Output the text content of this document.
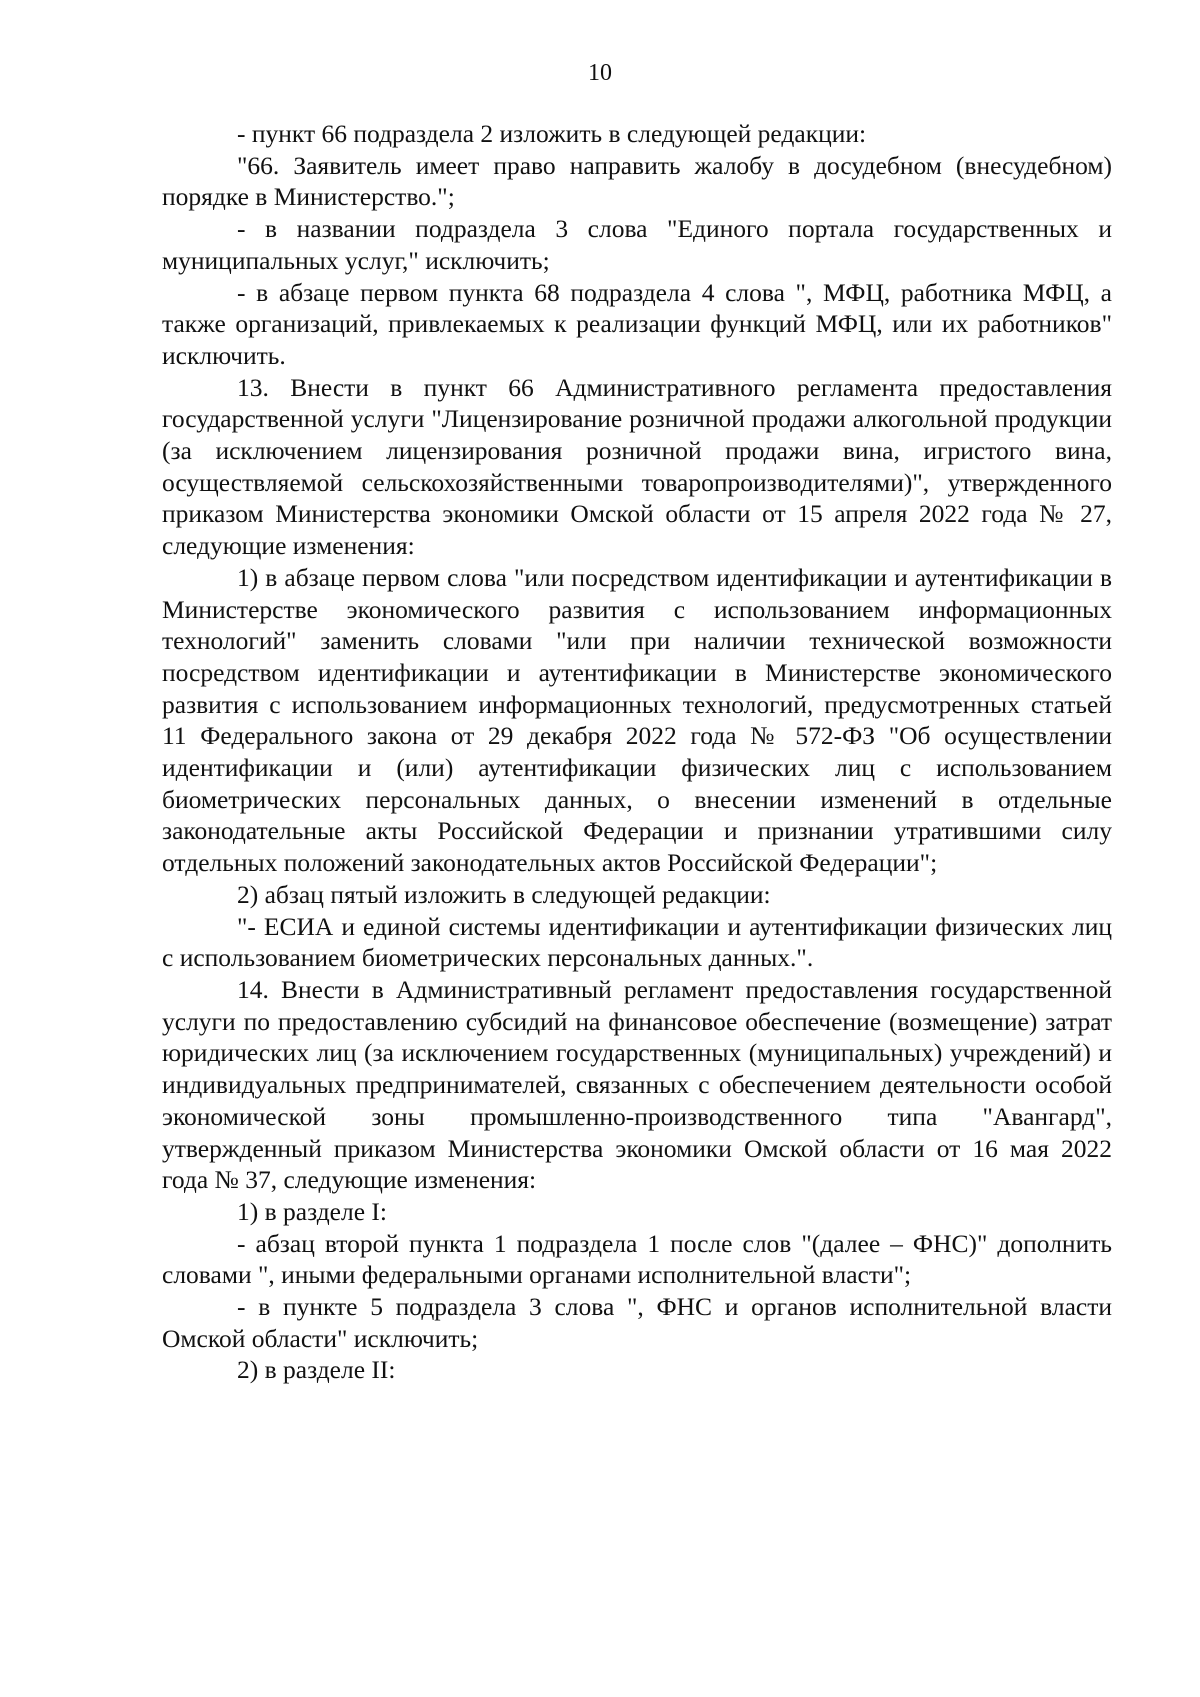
10

- пункт 66 подраздела 2 изложить в следующей редакции:

"66. Заявитель имеет право направить жалобу в досудебном (внесудебном) порядке в Министерство.";

- в названии подраздела 3 слова "Единого портала государственных и муниципальных услуг," исключить;

- в абзаце первом пункта 68 подраздела 4 слова ", МФЦ, работника МФЦ, а также организаций, привлекаемых к реализации функций МФЦ, или их работников" исключить.

13. Внести в пункт 66 Административного регламента предоставления государственной услуги "Лицензирование розничной продажи алкогольной продукции (за исключением лицензирования розничной продажи вина, игристого вина, осуществляемой сельскохозяйственными товаропроизводителями)", утвержденного приказом Министерства экономики Омской области от 15 апреля 2022 года № 27, следующие изменения:

1) в абзаце первом слова "или посредством идентификации и аутентификации в Министерстве экономического развития с использованием информационных технологий" заменить словами "или при наличии технической возможности посредством идентификации и аутентификации в Министерстве экономического развития с использованием информационных технологий, предусмотренных статьей 11 Федерального закона от 29 декабря 2022 года № 572-ФЗ "Об осуществлении идентификации и (или) аутентификации физических лиц с использованием биометрических персональных данных, о внесении изменений в отдельные законодательные акты Российской Федерации и признании утратившими силу отдельных положений законодательных актов Российской Федерации";

2) абзац пятый изложить в следующей редакции:

"- ЕСИА и единой системы идентификации и аутентификации физических лиц с использованием биометрических персональных данных.".

14. Внести в Административный регламент предоставления государственной услуги по предоставлению субсидий на финансовое обеспечение (возмещение) затрат юридических лиц (за исключением государственных (муниципальных) учреждений) и индивидуальных предпринимателей, связанных с обеспечением деятельности особой экономической зоны промышленно-производственного типа "Авангард", утвержденный приказом Министерства экономики Омской области от 16 мая 2022 года № 37, следующие изменения:

1) в разделе I:

- абзац второй пункта 1 подраздела 1 после слов "(далее – ФНС)" дополнить словами ", иными федеральными органами исполнительной власти";

- в пункте 5 подраздела 3 слова ", ФНС и органов исполнительной власти Омской области" исключить;

2) в разделе II:
